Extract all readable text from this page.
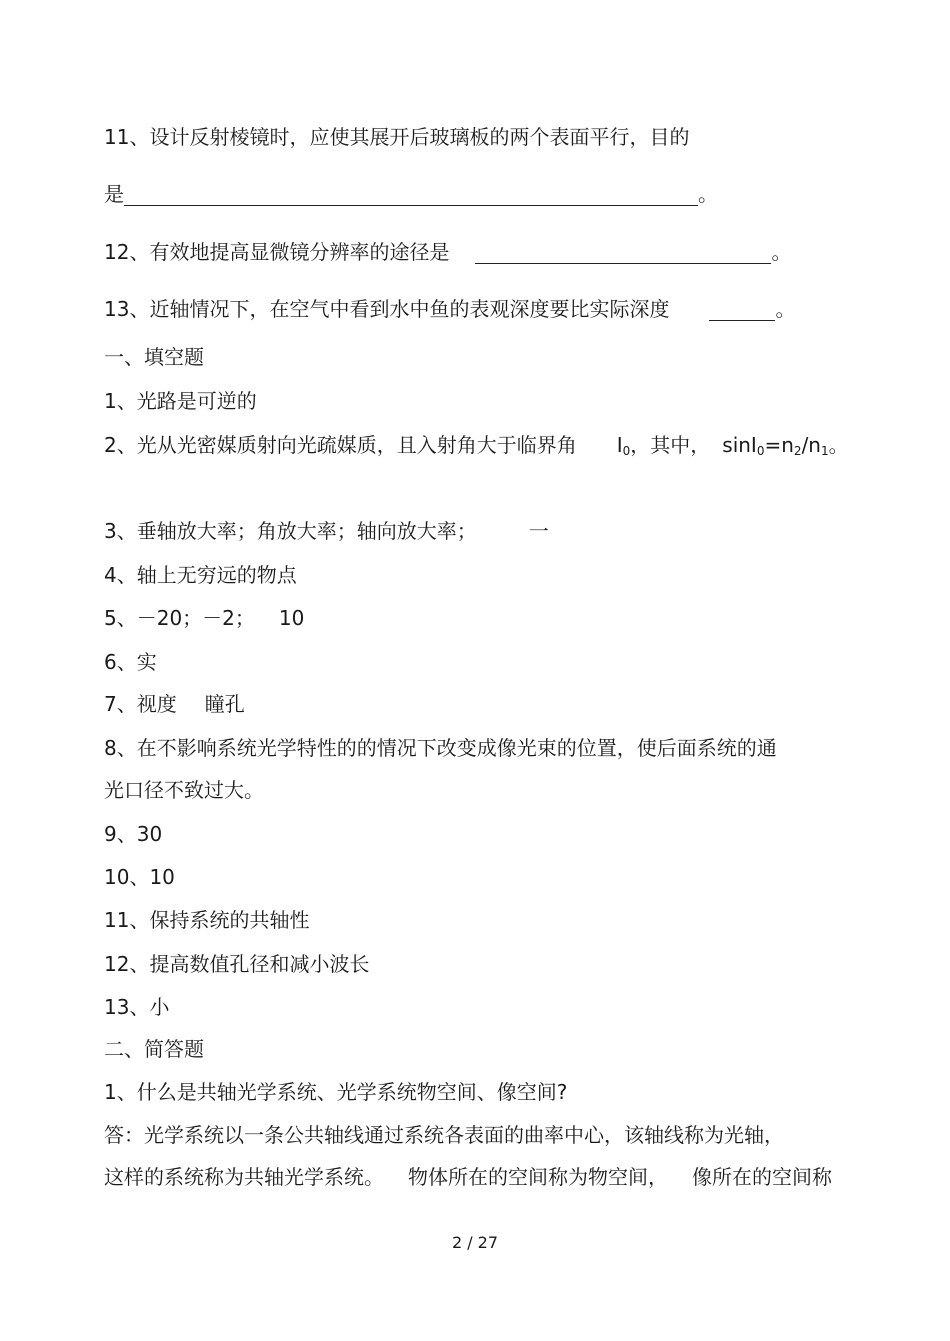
11、设计反射棱镜时，应使其展开后玻璃板的两个表面平行，目的
是	。
12、有效地提高显微镜分辨率的途径是	。
13、近轴情况下，在空气中看到水中鱼的表观深度要比实际深度	。
一、填空题
1、光路是可逆的
2、光从光密媒质射向光疏媒质，且入射角大于临界角 $I_0$，其中， $\sin I_0=n_2/n_1$。
3、垂轴放大率；角放大率；轴向放大率；	一
4、轴上无穷远的物点
5、－20；－2； 10
6、实
7、视度 瞳孔
8、在不影响系统光学特性的的情况下改变成像光束的位置，使后面系统的通
光口径不致过大。
9、30
10、10
11、保持系统的共轴性
12、提高数值孔径和减小波长
13、小
二、简答题
1、什么是共轴光学系统、光学系统物空间、像空间?
答：光学系统以一条公共轴线通过系统各表面的曲率中心，该轴线称为光轴，
这样的系统称为共轴光学系统。 物体所在的空间称为物空间， 像所在的空间称
2 / 27
